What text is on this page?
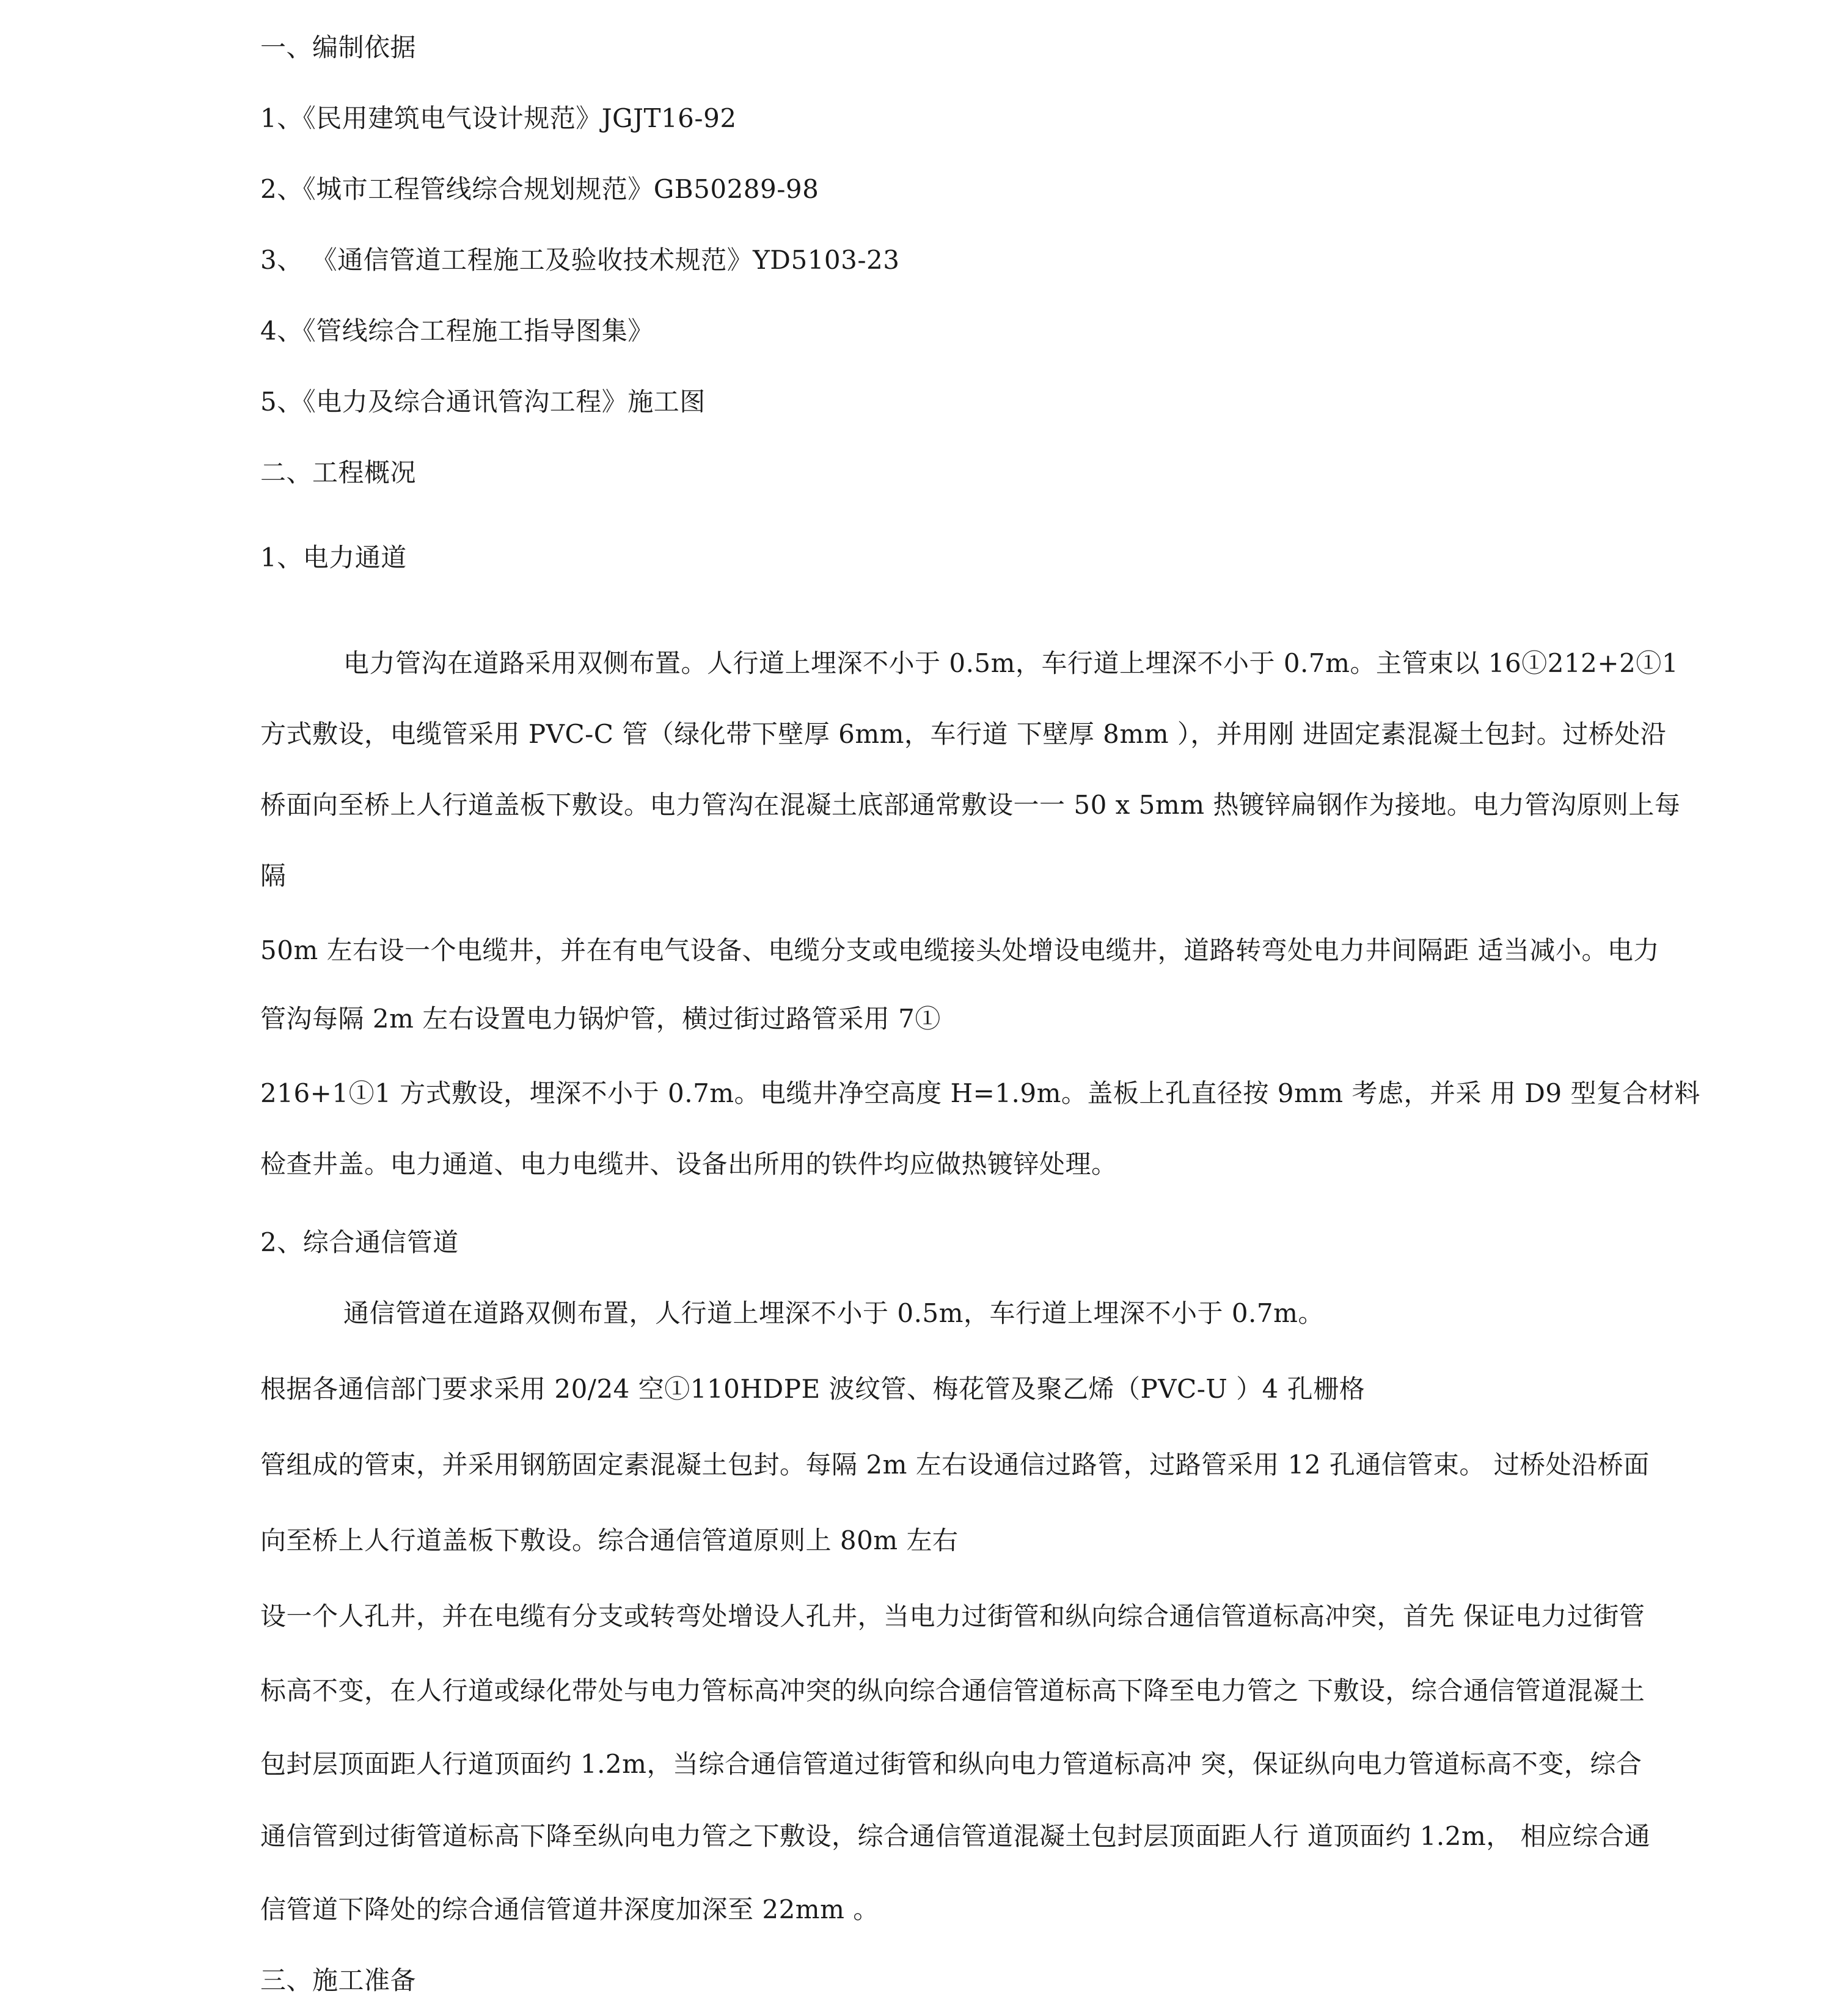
一、编制依据

1、《民用建筑电气设计规范》JGJT16-92

2、《城市工程管线综合规划规范》GB50289-98

3、 《通信管道工程施工及验收技术规范》YD5103-23

4、《管线综合工程施工指导图集》

5、《电力及综合通讯管沟工程》施工图

二、工程概况

1、电力通道

电力管沟在道路采用双侧布置。人行道上埋深不小于 0.5m，车行道上埋深不小于 0.7m。主管束以 16①212+2①1

方式敷设，电缆管采用 PVC-C 管（绿化带下壁厚 6mm，车行道 下壁厚 8mm ），并用刚 进固定素混凝土包封。过桥处沿

桥面向至桥上人行道盖板下敷设。电力管沟在混凝土底部通常敷设一一 50 x 5mm 热镀锌扁钢作为接地。电力管沟原则上每

隔

50m 左右设一个电缆井，并在有电气设备、电缆分支或电缆接头处增设电缆井，道路转弯处电力井间隔距 适当减小。电力

管沟每隔 2m 左右设置电力锅炉管，横过街过路管采用 7①

216+1①1 方式敷设，埋深不小于 0.7m。电缆井净空高度 H=1.9m。盖板上孔直径按 9mm 考虑，并采 用 D9 型复合材料

检查井盖。电力通道、电力电缆井、设备出所用的铁件均应做热镀锌处理。

2、综合通信管道

通信管道在道路双侧布置，人行道上埋深不小于 0.5m，车行道上埋深不小于 0.7m。

根据各通信部门要求采用 20/24 空①110HDPE 波纹管、梅花管及聚乙烯（PVC-U ）4 孔栅格

管组成的管束，并采用钢筋固定素混凝土包封。每隔 2m 左右设通信过路管，过路管采用 12 孔通信管束。 过桥处沿桥面

向至桥上人行道盖板下敷设。综合通信管道原则上 80m 左右

设一个人孔井，并在电缆有分支或转弯处增设人孔井，当电力过街管和纵向综合通信管道标高冲突，首先 保证电力过街管

标高不变，在人行道或绿化带处与电力管标高冲突的纵向综合通信管道标高下降至电力管之 下敷设，综合通信管道混凝土

包封层顶面距人行道顶面约 1.2m，当综合通信管道过街管和纵向电力管道标高冲 突，保证纵向电力管道标高不变，综合

通信管到过街管道标高下降至纵向电力管之下敷设，综合通信管道混凝土包封层顶面距人行 道顶面约 1.2m， 相应综合通

信管道下降处的综合通信管道井深度加深至 22mm 。

三、施工准备
